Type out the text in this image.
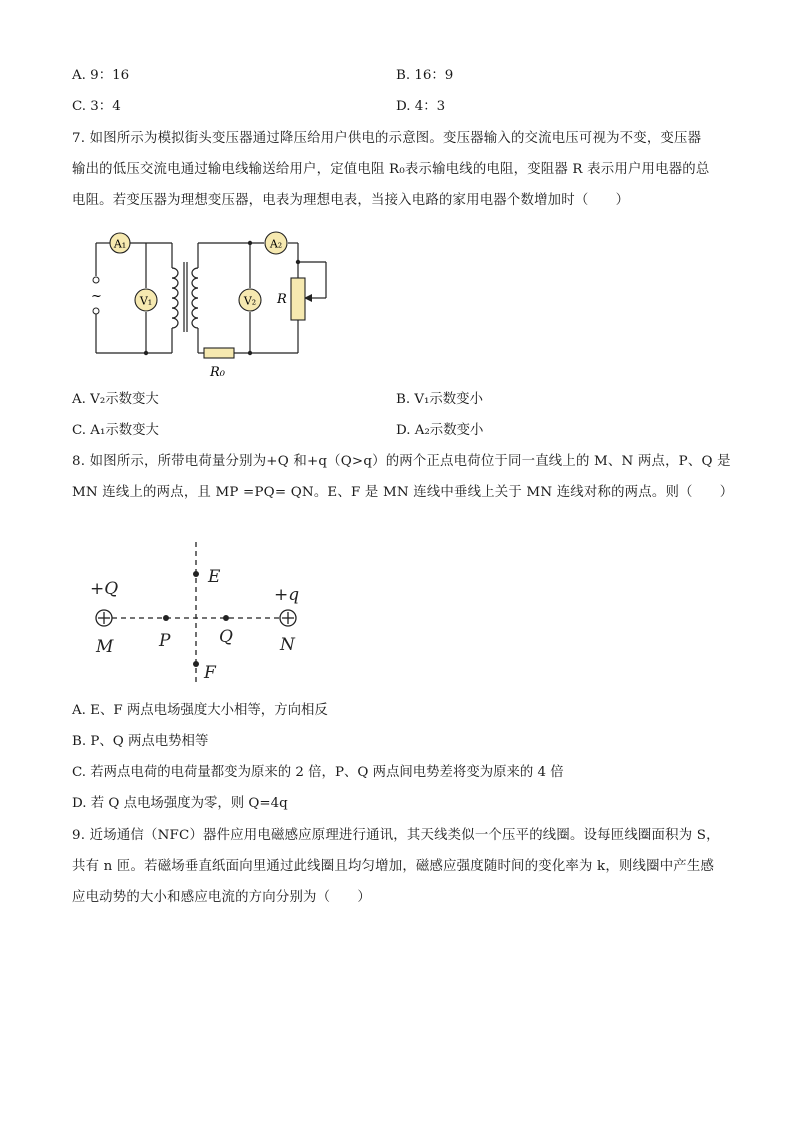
A. 9：16	B. 16：9
C. 3：4	D. 4：3
7. 如图所示为模拟街头变压器通过降压给用户供电的示意图。变压器输入的交流电压可视为不变，变压器
输出的低压交流电通过输电线输送给用户，定值电阻 R₀表示输电线的电阻，变阻器 R 表示用户用电器的总
电阻。若变压器为理想变压器，电表为理想电表，当接入电路的家用电器个数增加时（　　）
~
A₁
V₁
A₂
V₂ R
R₀
A. V₂示数变大	B. V₁示数变小
C. A₁示数变大	D. A₂示数变小
8. 如图所示，所带电荷量分别为+Q 和+q（Q>q）的两个正点电荷位于同一直线上的 M、N 两点，P、Q 是
MN 连线上的两点，且 MP =PQ= QN。E、F 是 MN 连线中垂线上关于 MN 连线对称的两点。则（　　）
+Q	+q
M	N
P	Q
E
F
A. E、F 两点电场强度大小相等，方向相反
B. P、Q 两点电势相等
C. 若两点电荷的电荷量都变为原来的 2 倍，P、Q 两点间电势差将变为原来的 4 倍
D. 若 Q 点电场强度为零，则 Q=4q
9. 近场通信（NFC）器件应用电磁感应原理进行通讯，其天线类似一个压平的线圈。设每匝线圈面积为 S，
共有 n 匝。若磁场垂直纸面向里通过此线圈且均匀增加，磁感应强度随时间的变化率为 k，则线圈中产生感
应电动势的大小和感应电流的方向分别为（　　）
